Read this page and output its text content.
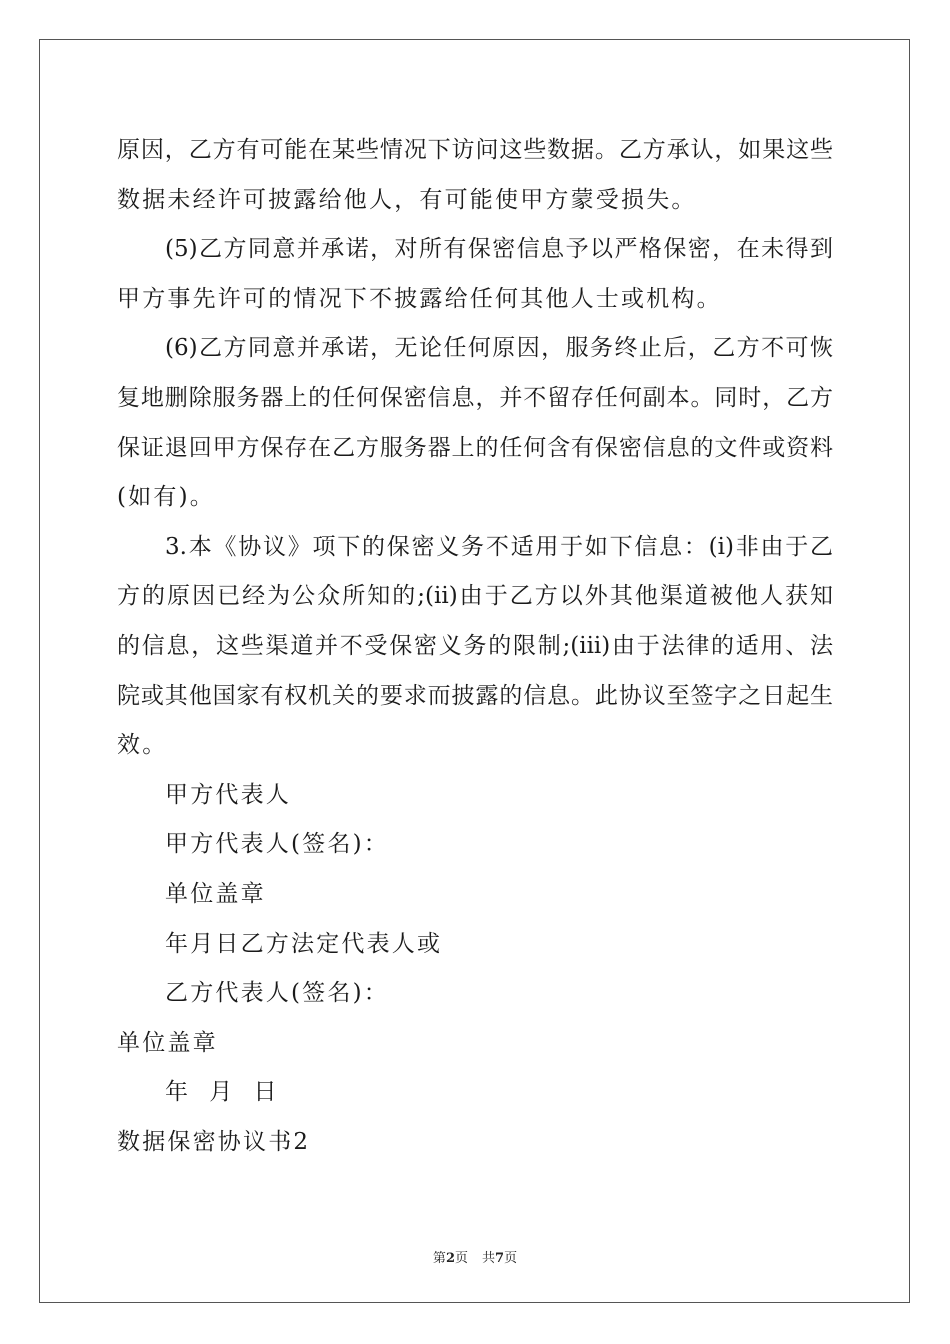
原因，乙方有可能在某些情况下访问这些数据。乙方承认，如果这些
数据未经许可披露给他人，有可能使甲方蒙受损失。
(5)乙方同意并承诺，对所有保密信息予以严格保密，在未得到
甲方事先许可的情况下不披露给任何其他人士或机构。
(6)乙方同意并承诺，无论任何原因，服务终止后，乙方不可恢
复地删除服务器上的任何保密信息，并不留存任何副本。同时，乙方
保证退回甲方保存在乙方服务器上的任何含有保密信息的文件或资料
(如有)。
3.本《协议》项下的保密义务不适用于如下信息：(i)非由于乙
方的原因已经为公众所知的;(ii)由于乙方以外其他渠道被他人获知
的信息，这些渠道并不受保密义务的限制;(iii)由于法律的适用、法
院或其他国家有权机关的要求而披露的信息。此协议至签字之日起生
效。
甲方代表人
甲方代表人(签名)：
单位盖章
年月日乙方法定代表人或
乙方代表人(签名)：
单位盖章
年  月  日
数据保密协议书2
第2页 共7页
